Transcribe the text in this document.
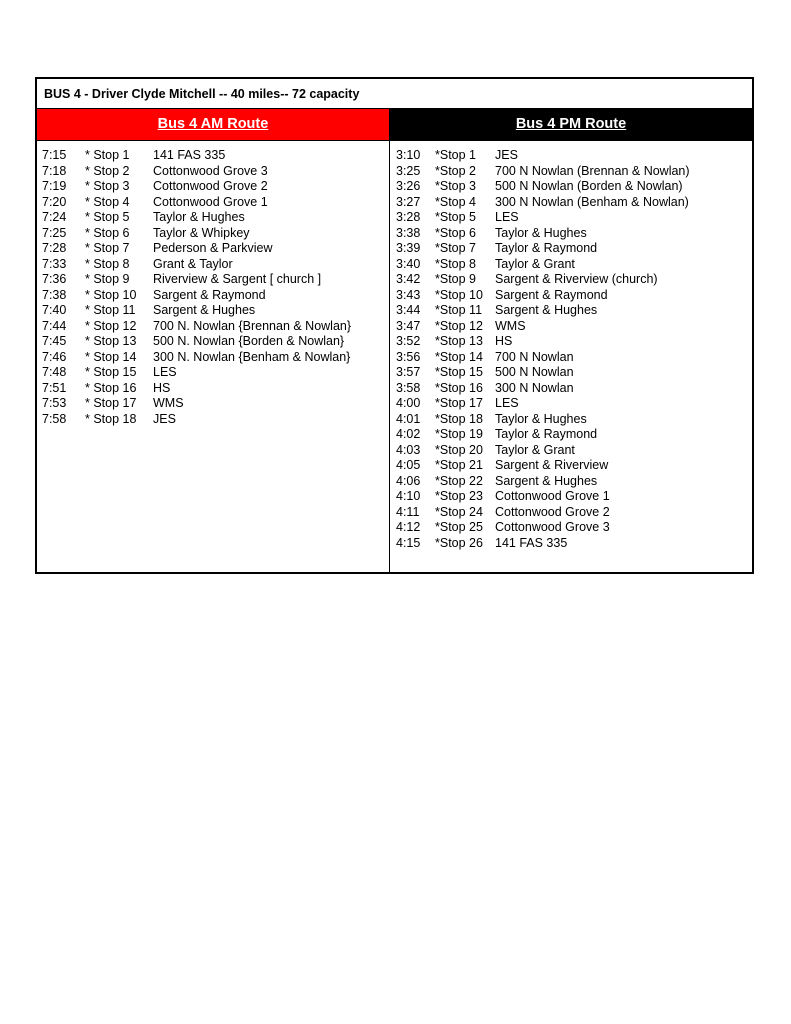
BUS 4 - Driver Clyde Mitchell -- 40 miles-- 72 capacity
Bus 4 AM Route	Bus 4 PM Route
7:15	* Stop 1	141 FAS 335
7:18	* Stop 2	Cottonwood Grove 3
7:19	* Stop 3	Cottonwood Grove 2
7:20	* Stop 4	Cottonwood Grove 1
7:24	* Stop 5	Taylor & Hughes
7:25	* Stop 6	Taylor & Whipkey
7:28	* Stop 7	Pederson & Parkview
7:33	* Stop 8	Grant & Taylor
7:36	* Stop 9	Riverview & Sargent [ church ]
7:38	* Stop 10	Sargent & Raymond
7:40	* Stop 11	Sargent & Hughes
7:44	* Stop 12	700 N. Nowlan {Brennan & Nowlan}
7:45	* Stop 13	500 N. Nowlan {Borden & Nowlan}
7:46	* Stop 14	300 N. Nowlan {Benham & Nowlan}
7:48	* Stop 15	LES
7:51	* Stop 16	HS
7:53	* Stop 17	WMS
7:58	* Stop 18	JES
3:10	*Stop 1	JES
3:25	*Stop 2	700 N Nowlan (Brennan & Nowlan)
3:26	*Stop 3	500 N Nowlan (Borden & Nowlan)
3:27	*Stop 4	300 N Nowlan (Benham & Nowlan)
3:28	*Stop 5	LES
3:38	*Stop 6	Taylor & Hughes
3:39	*Stop 7	Taylor & Raymond
3:40	*Stop 8	Taylor & Grant
3:42	*Stop 9	Sargent & Riverview (church)
3:43	*Stop 10 Sargent & Raymond
3:44	*Stop 11	Sargent & Hughes
3:47	*Stop 12 WMS
3:52	*Stop 13 HS
3:56	*Stop 14 700 N Nowlan
3:57	*Stop 15 500 N Nowlan
3:58	*Stop 16 300 N Nowlan
4:00	*Stop 17 LES
4:01	*Stop 18 Taylor & Hughes
4:02	*Stop 19 Taylor & Raymond
4:03	*Stop 20 Taylor & Grant
4:05	*Stop 21 Sargent & Riverview
4:06	*Stop 22 Sargent & Hughes
4:10	*Stop 23 Cottonwood Grove 1
4:11	*Stop 24 Cottonwood Grove 2
4:12	*Stop 25 Cottonwood Grove 3
4:15	*Stop 26 141 FAS 335
